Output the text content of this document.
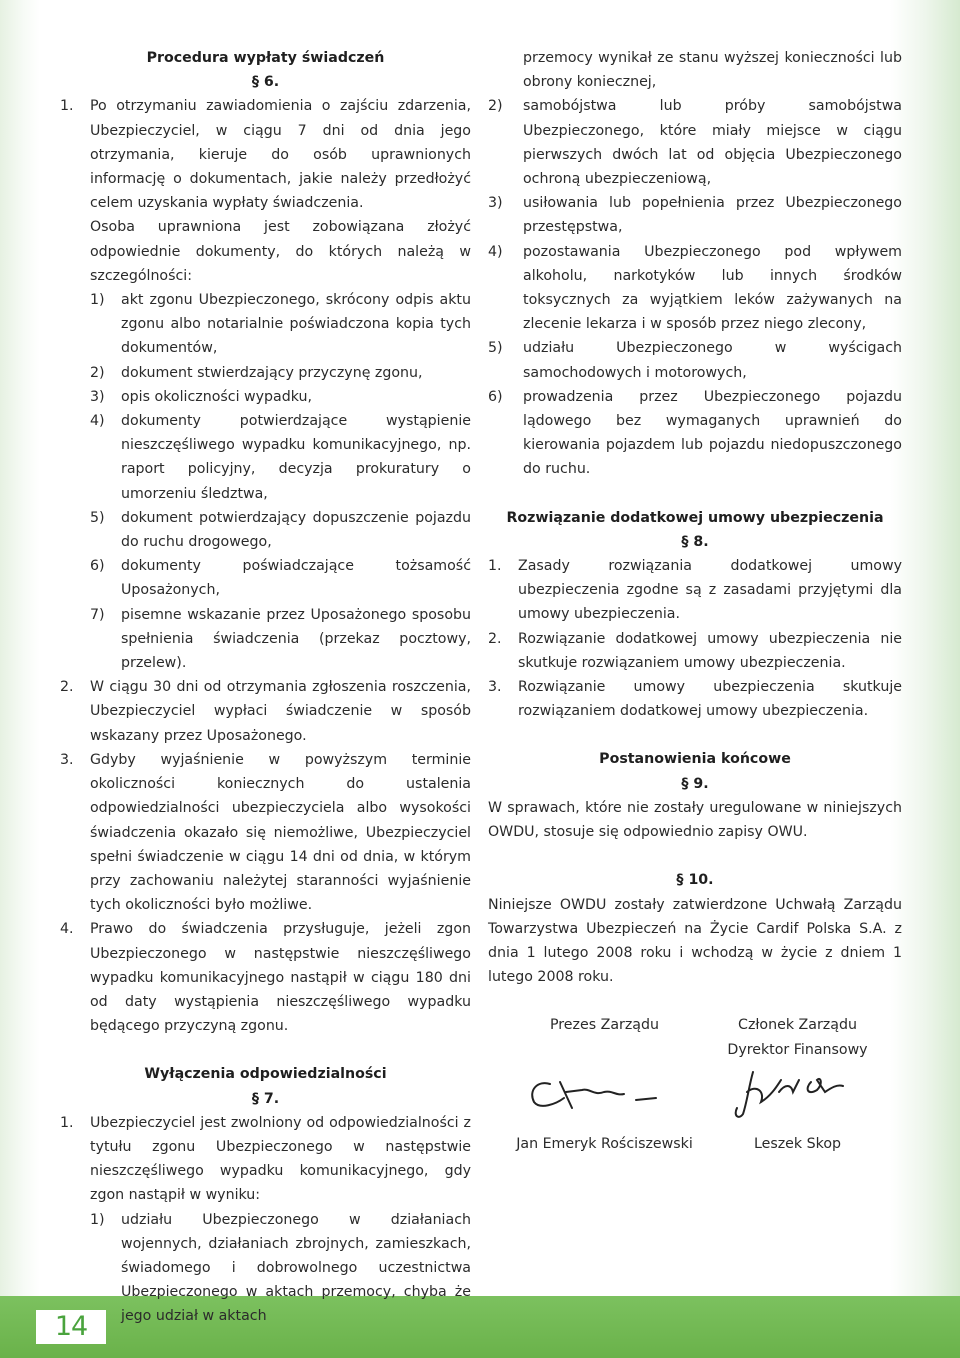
14
Procedura wypłaty świadczeń
§ 6.
1. Po otrzymaniu zawiadomienia o zajściu zdarzenia, Ubezpieczyciel, w ciągu 7 dni od dnia jego otrzymania, kieruje do osób uprawnionych informację o dokumentach, jakie należy przedłożyć celem uzyskania wypłaty świadczenia.
Osoba uprawniona jest zobowiązana złożyć odpowiednie dokumenty, do których należą w szczególności:
1) akt zgonu Ubezpieczonego, skrócony odpis aktu zgonu albo notarialnie poświadczona kopia tych dokumentów,
2) dokument stwierdzający przyczynę zgonu,
3) opis okoliczności wypadku,
4) dokumenty potwierdzające wystąpienie nieszczęśliwego wypadku komunikacyjnego, np. raport policyjny, decyzja prokuratury o umorzeniu śledztwa,
5) dokument potwierdzający dopuszczenie pojazdu do ruchu drogowego,
6) dokumenty poświadczające tożsamość Uposażonych,
7) pisemne wskazanie przez Uposażonego sposobu spełnienia świadczenia (przekaz pocztowy, przelew).
2. W ciągu 30 dni od otrzymania zgłoszenia roszczenia, Ubezpieczyciel wypłaci świadczenie w sposób wskazany przez Uposażonego.
3. Gdyby wyjaśnienie w powyższym terminie okoliczności koniecznych do ustalenia odpowiedzialności ubezpieczyciela albo wysokości świadczenia okazało się niemożliwe, Ubezpieczyciel spełni świadczenie w ciągu 14 dni od dnia, w którym przy zachowaniu należytej staranności wyjaśnienie tych okoliczności było możliwe.
4. Prawo do świadczenia przysługuje, jeżeli zgon Ubezpieczonego w następstwie nieszczęśliwego wypadku komunikacyjnego nastąpił w ciągu 180 dni od daty wystąpienia nieszczęśliwego wypadku będącego przyczyną zgonu.
Wyłączenia odpowiedzialności
§ 7.
1. Ubezpieczyciel jest zwolniony od odpowiedzialności z tytułu zgonu Ubezpieczonego w następstwie nieszczęśliwego wypadku komunikacyjnego, gdy zgon nastąpił w wyniku:
1) udziału Ubezpieczonego w działaniach wojennych, działaniach zbrojnych, zamieszkach, świadomego i dobrowolnego uczestnictwa Ubezpieczonego w aktach przemocy, chyba że jego udział w aktach
przemocy wynikał ze stanu wyższej konieczności lub obrony koniecznej,
2) samobójstwa lub próby samobójstwa Ubezpieczonego, które miały miejsce w ciągu pierwszych dwóch lat od objęcia Ubezpieczonego ochroną ubezpieczeniową,
3) usiłowania lub popełnienia przez Ubezpieczonego przestępstwa,
4) pozostawania Ubezpieczonego pod wpływem alkoholu, narkotyków lub innych środków toksycznych za wyjątkiem leków zażywanych na zlecenie lekarza i w sposób przez niego zlecony,
5) udziału Ubezpieczonego w wyścigach samochodowych i motorowych,
6) prowadzenia przez Ubezpieczonego pojazdu lądowego bez wymaganych uprawnień do kierowania pojazdem lub pojazdu niedopuszczonego do ruchu.
Rozwiązanie dodatkowej umowy ubezpieczenia
§ 8.
1. Zasady rozwiązania dodatkowej umowy ubezpieczenia zgodne są z zasadami przyjętymi dla umowy ubezpieczenia.
2. Rozwiązanie dodatkowej umowy ubezpieczenia nie skutkuje rozwiązaniem umowy ubezpieczenia.
3. Rozwiązanie umowy ubezpieczenia skutkuje rozwiązaniem dodatkowej umowy ubezpieczenia.
Postanowienia końcowe
§ 9.
W sprawach, które nie zostały uregulowane w niniejszych OWDU, stosuje się odpowiednio zapisy OWU.
§ 10.
Niniejsze OWDU zostały zatwierdzone Uchwałą Zarządu Towarzystwa Ubezpieczeń na Życie Cardif Polska S.A. z dnia 1 lutego 2008 roku i wchodzą w życie z dniem 1 lutego 2008 roku.
Prezes Zarządu
Jan Emeryk Rościszewski
Członek Zarządu
Dyrektor Finansowy
Leszek Skop
